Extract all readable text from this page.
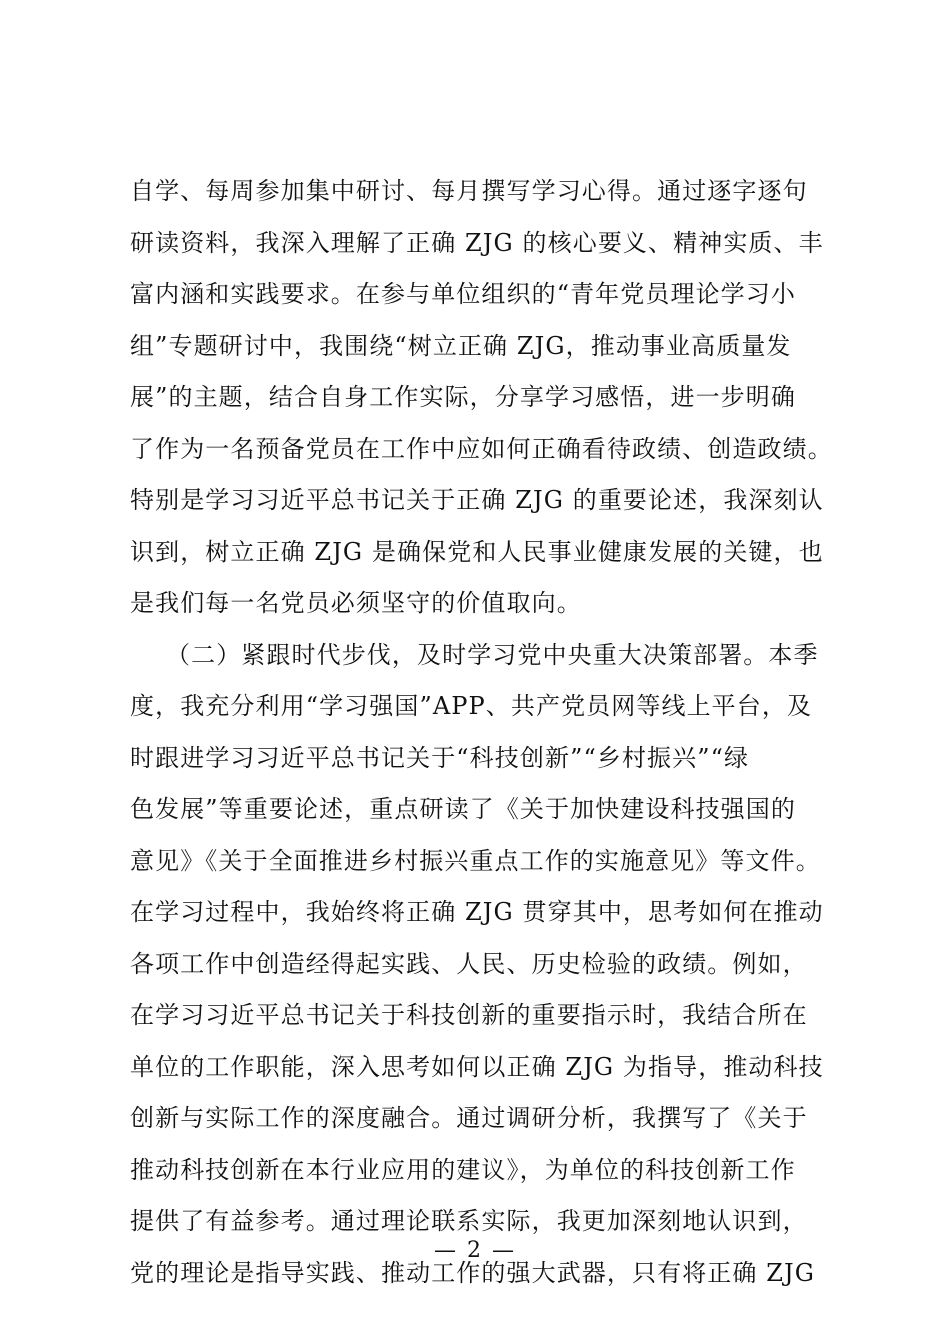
自学、每周参加集中研讨、每月撰写学习心得。通过逐字逐句
研读资料，我深入理解了正确 ZJG 的核心要义、精神实质、丰
富内涵和实践要求。在参与单位组织的“青年党员理论学习小
组”专题研讨中，我围绕“树立正确 ZJG，推动事业高质量发
展”的主题，结合自身工作实际，分享学习感悟，进一步明确
了作为一名预备党员在工作中应如何正确看待政绩、创造政绩。
特别是学习习近平总书记关于正确 ZJG 的重要论述，我深刻认
识到，树立正确 ZJG 是确保党和人民事业健康发展的关键，也
是我们每一名党员必须坚守的价值取向。
（二）紧跟时代步伐，及时学习党中央重大决策部署。本季
度，我充分利用“学习强国”APP、共产党员网等线上平台，及
时跟进学习习近平总书记关于“科技创新”“乡村振兴”“绿
色发展”等重要论述，重点研读了《关于加快建设科技强国的
意见》《关于全面推进乡村振兴重点工作的实施意见》等文件。
在学习过程中，我始终将正确 ZJG 贯穿其中，思考如何在推动
各项工作中创造经得起实践、人民、历史检验的政绩。例如，
在学习习近平总书记关于科技创新的重要指示时，我结合所在
单位的工作职能，深入思考如何以正确 ZJG 为指导，推动科技
创新与实际工作的深度融合。通过调研分析，我撰写了《关于
推动科技创新在本行业应用的建议》，为单位的科技创新工作
提供了有益参考。通过理论联系实际，我更加深刻地认识到，
党的理论是指导实践、推动工作的强大武器，只有将正确 ZJG
— 2 —
